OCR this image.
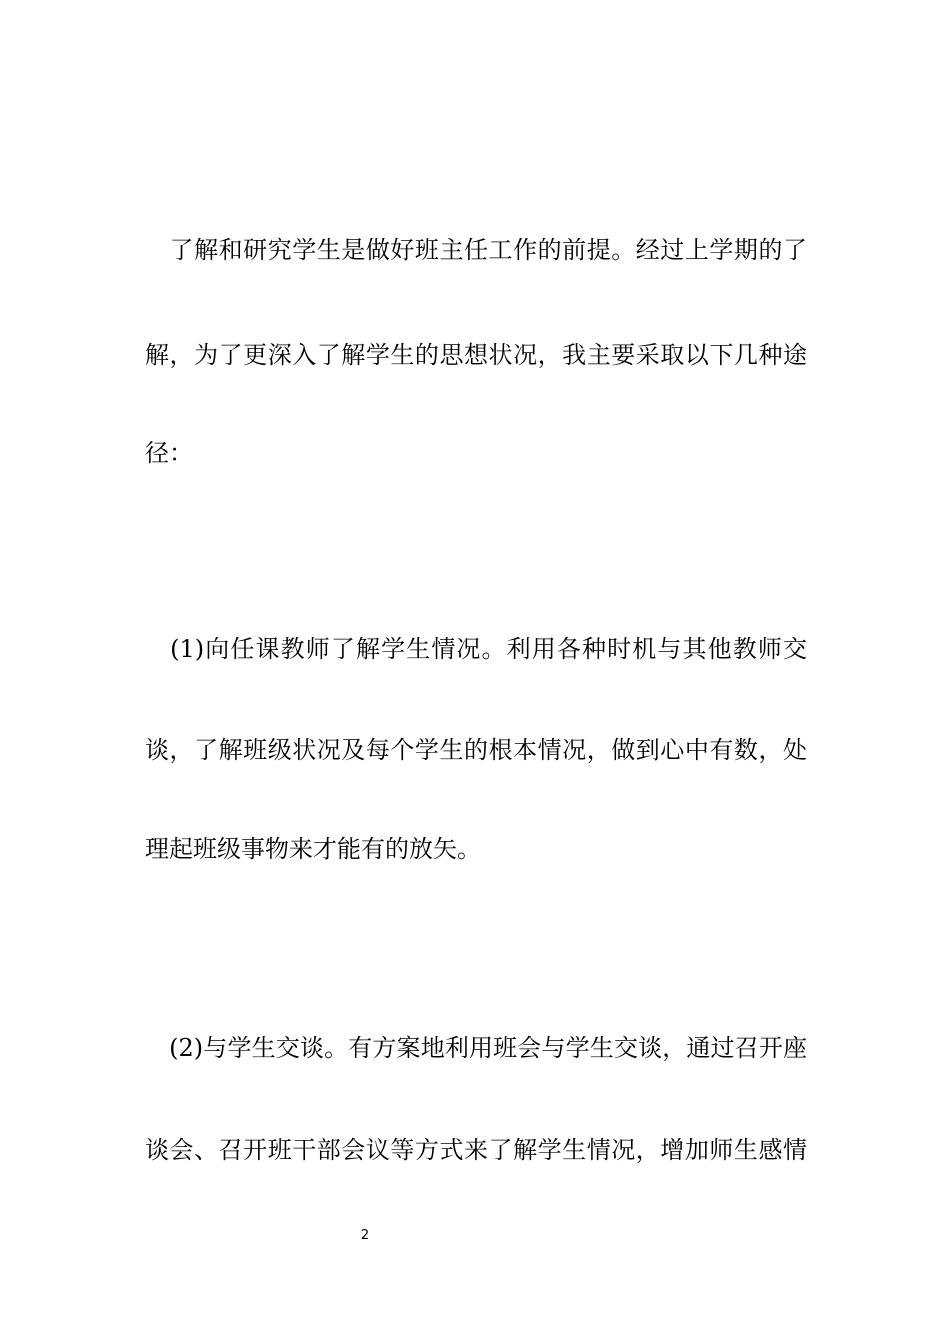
　了解和研究学生是做好班主任工作的前提。经过上学期的了
解，为了更深入了解学生的思想状况，我主要采取以下几种途
径：
　(1)向任课教师了解学生情况。利用各种时机与其他教师交
谈，了解班级状况及每个学生的根本情况，做到心中有数，处
理起班级事物来才能有的放矢。
　(2)与学生交谈。有方案地利用班会与学生交谈，通过召开座
谈会、召开班干部会议等方式来了解学生情况，增加师生感情
2
